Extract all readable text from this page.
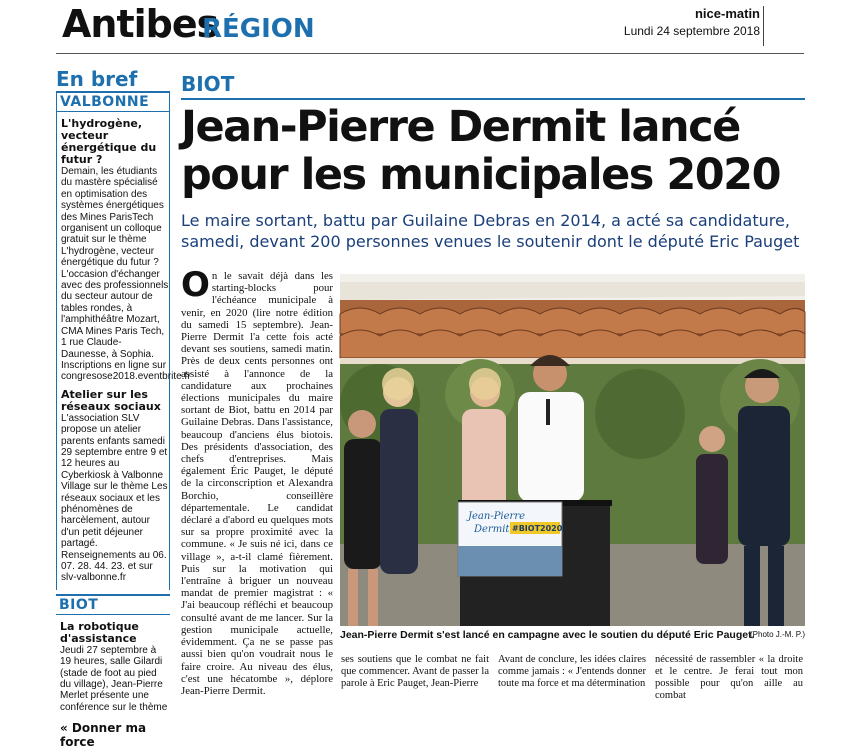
Antibes
RÉGION
nice-matin
Lundi 24 septembre 2018
En bref
VALBONNE
L'hydrogène, vecteur énergétique du futur ?
Demain, les étudiants du mastère spécialisé en optimisation des systèmes énergétiques des Mines ParisTech organisent un colloque gratuit sur le thème L'hydrogène, vecteur énergétique du futur ? L'occasion d'échanger avec des professionnels du secteur autour de tables rondes, à l'amphithéâtre Mozart, CMA Mines Paris Tech, 1 rue Claude-Daunesse, à Sophia. Inscriptions en ligne sur congresose2018.eventbrite.fr
Atelier sur les réseaux sociaux
L'association SLV propose un atelier parents enfants samedi 29 septembre entre 9 et 12 heures au Cyberkiosk à Valbonne Village sur le thème Les réseaux sociaux et les phénomènes de harcèlement, autour d'un petit déjeuner partagé. Renseignements au 06. 07. 28. 44. 23. et sur slv-valbonne.fr
BIOT
La robotique d'assistance
Jeudi 27 septembre à 19 heures, salle Gilardi (stade de foot au pied du village), Jean-Pierre Merlet présente une conférence sur le thème
« Donner ma force
BIOT
Jean-Pierre Dermit lancé pour les municipales 2020
Le maire sortant, battu par Guilaine Debras en 2014, a acté sa candidature, samedi, devant 200 personnes venues le soutenir dont le député Eric Pauget
On le savait déjà dans les starting-blocks pour l'échéance municipale à venir, en 2020 (lire notre édition du samedi 15 septembre). Jean-Pierre Dermit l'a cette fois acté devant ses soutiens, samedi matin. Près de deux cents personnes ont assisté à l'annonce de la candidature aux prochaines élections municipales du maire sortant de Biot, battu en 2014 par Guilaine Debras. Dans l'assistance, beaucoup d'anciens élus biotois. Des présidents d'association, des chefs d'entreprises. Mais également Éric Pauget, le député de la circonscription et Alexandra Borchio, conseillère départementale. Le candidat déclaré a d'abord eu quelques mots sur sa propre proximité avec la commune. « Je suis né ici, dans ce village », a-t-il clamé fièrement. Puis sur la motivation qui l'entraîne à briguer un nouveau mandat de premier magistrat : « J'ai beaucoup réfléchi et beaucoup consulté avant de me lancer. Sur la gestion municipale actuelle, évidemment. Ça ne se passe pas aussi bien qu'on voudrait nous le faire croire. Au niveau des élus, c'est une hécatombe », déplore Jean-Pierre Dermit.
Jean-Pierre
Dermit #BIOT2020
Jean-Pierre Dermit s'est lancé en campagne avec le soutien du député Eric Pauget.
(Photo J.-M. P.)
ses soutiens que le combat ne fait que commencer. Avant de passer la parole à Eric Pauget, Jean-Pierre
Avant de conclure, les idées claires comme jamais : « J'entends donner toute ma force et ma détermination
nécessité de rassembler « la droite et le centre. Je ferai tout mon possible pour qu'on aille au combat
